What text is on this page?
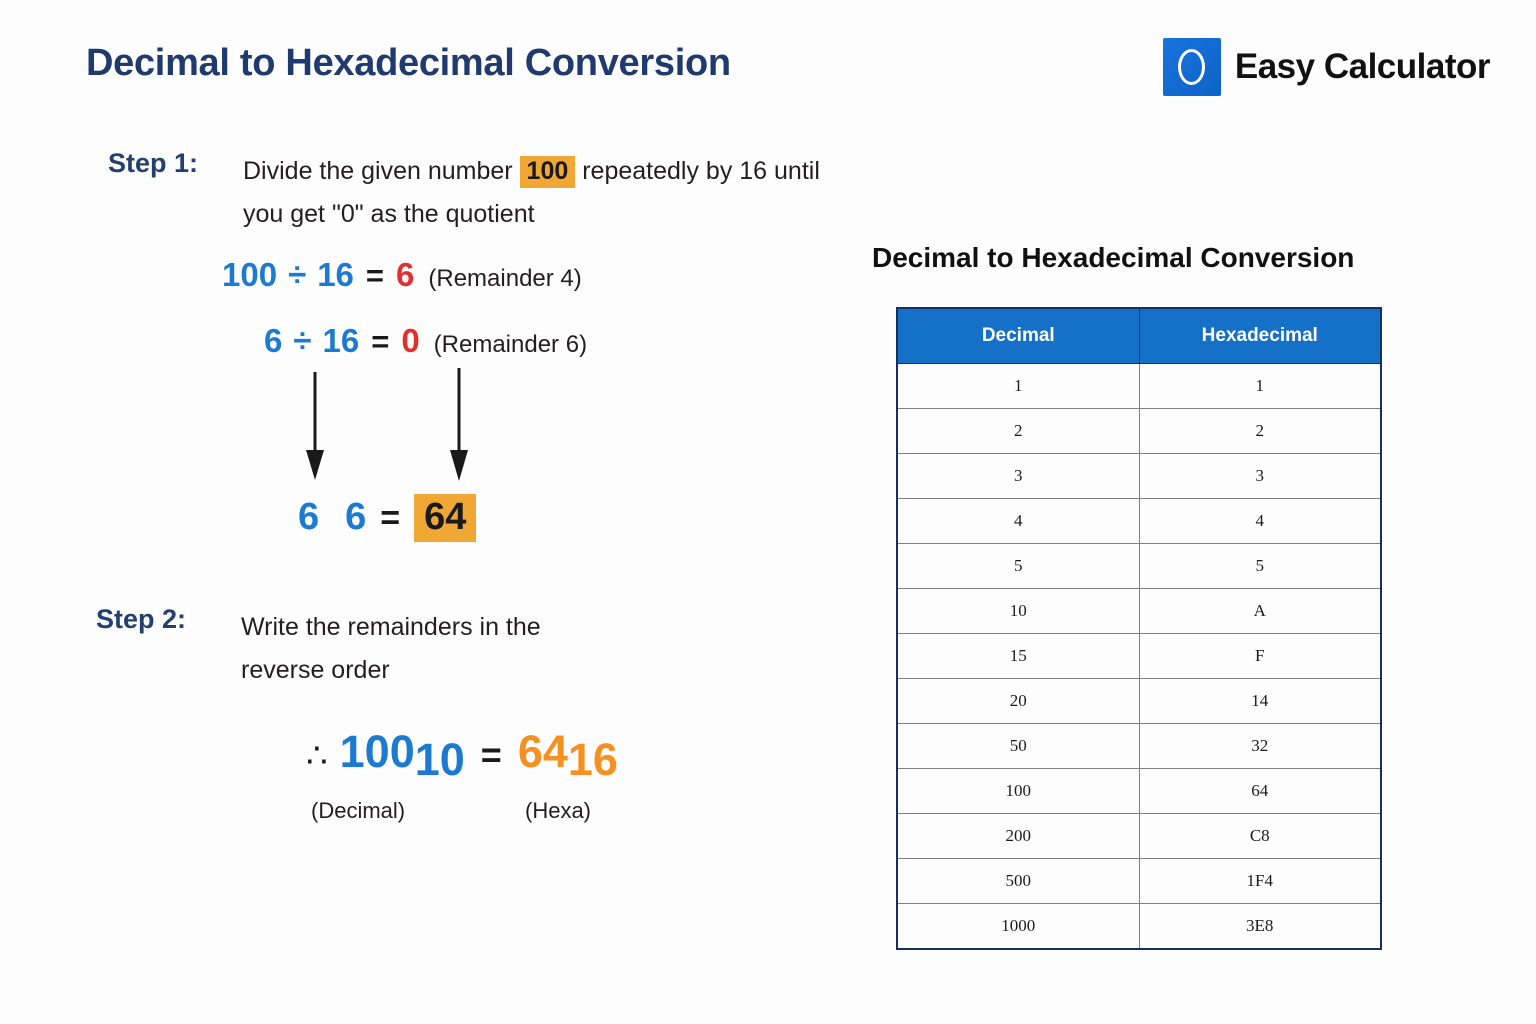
Decimal to Hexadecimal Conversion	Easy Calculator
Step 1: Divide the given number 100 repeatedly by 16 until
you get "0" as the quotient
100 ÷ 16 = 6 (Remainder 4)
6 ÷ 16 = 0 (Remainder 6)
6 6 = 64
Step 2: Write the remainders in the
reverse order
∴ $100_{10} = 64_{16}$
(Decimal)	(Hexa)
Decimal to Hexadecimal Conversion
Decimal	Hexadecimal
1	1
2	2
3	3
4	4
5	5
10	A
15	F
20	14
50	32
100	64
200	C8
500	1F4
1000	3E8
